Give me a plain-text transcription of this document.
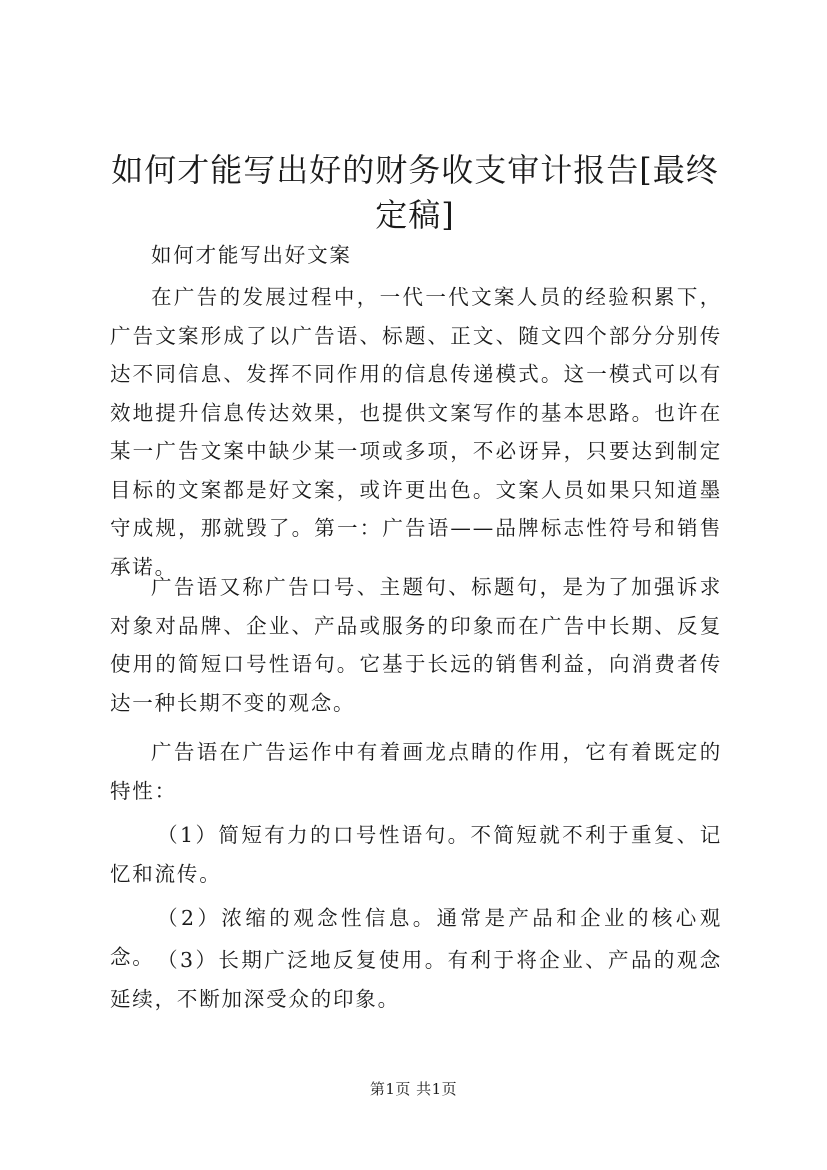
如何才能写出好的财务收支审计报告[最终定稿]

如何才能写出好文案

在广告的发展过程中，一代一代文案人员的经验积累下，广告文案形成了以广告语、标题、正文、随文四个部分分别传达不同信息、发挥不同作用的信息传递模式。这一模式可以有效地提升信息传达效果，也提供文案写作的基本思路。也许在某一广告文案中缺少某一项或多项，不必讶异，只要达到制定目标的文案都是好文案，或许更出色。文案人员如果只知道墨守成规，那就毁了。第一：广告语——品牌标志性符号和销售承诺。

广告语又称广告口号、主题句、标题句，是为了加强诉求对象对品牌、企业、产品或服务的印象而在广告中长期、反复使用的简短口号性语句。它基于长远的销售利益，向消费者传达一种长期不变的观念。

广告语在广告运作中有着画龙点睛的作用，它有着既定的特性：

（1）简短有力的口号性语句。不简短就不利于重复、记忆和流传。

（2）浓缩的观念性信息。通常是产品和企业的核心观念。 （3）长期广泛地反复使用。有利于将企业、产品的观念延续，不断加深受众的印象。

第1页 共1页
